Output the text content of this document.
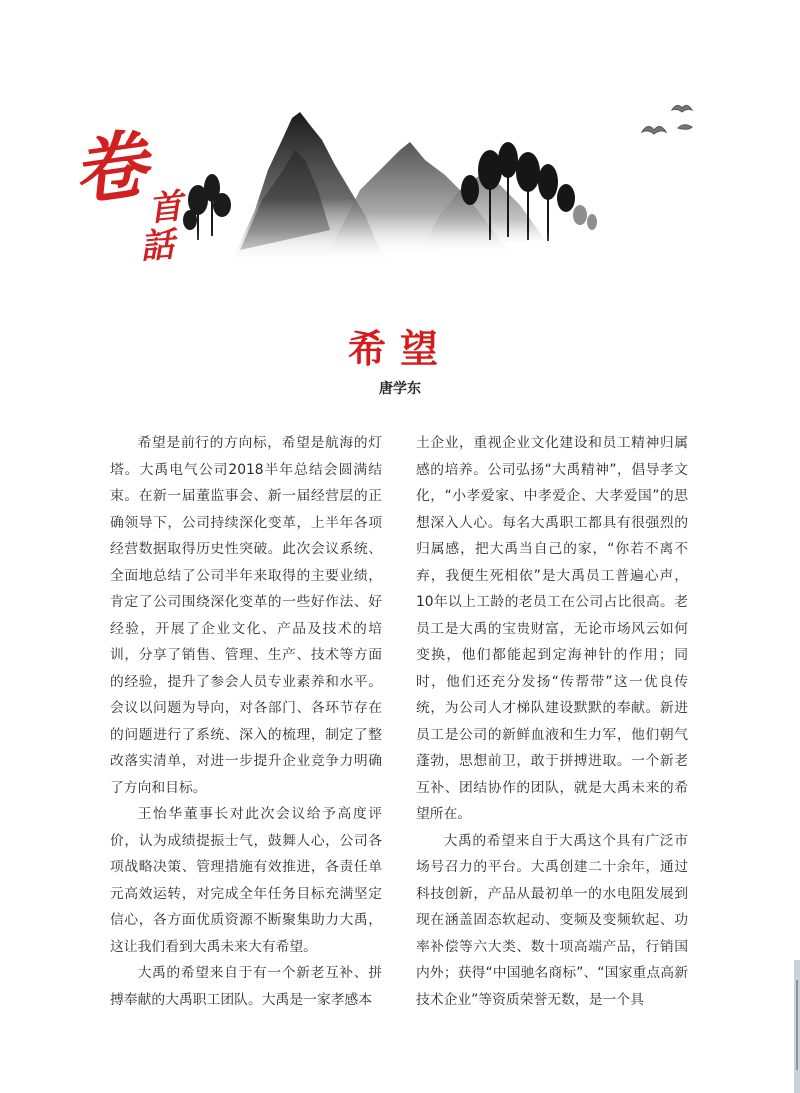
卷
首
話
希望
唐学东

希望是前行的方向标，希望是航海的灯塔。大禹电气公司2018半年总结会圆满结束。在新一届董监事会、新一届经营层的正确领导下，公司持续深化变革，上半年各项经营数据取得历史性突破。此次会议系统、全面地总结了公司半年来取得的主要业绩，肯定了公司围绕深化变革的一些好作法、好经验，开展了企业文化、产品及技术的培训，分享了销售、管理、生产、技术等方面的经验，提升了参会人员专业素养和水平。会议以问题为导向，对各部门、各环节存在的问题进行了系统、深入的梳理，制定了整改落实清单，对进一步提升企业竞争力明确了方向和目标。

王怡华董事长对此次会议给予高度评价，认为成绩提振士气，鼓舞人心，公司各项战略决策、管理措施有效推进，各责任单元高效运转，对完成全年任务目标充满坚定信心，各方面优质资源不断聚集助力大禹，这让我们看到大禹未来大有希望。

大禹的希望来自于有一个新老互补、拼搏奉献的大禹职工团队。大禹是一家孝感本

土企业，重视企业文化建设和员工精神归属感的培养。公司弘扬“大禹精神”，倡导孝文化，“小孝爱家、中孝爱企、大孝爱国”的思想深入人心。每名大禹职工都具有很强烈的归属感，把大禹当自己的家，“你若不离不弃，我便生死相依”是大禹员工普遍心声，10年以上工龄的老员工在公司占比很高。老员工是大禹的宝贵财富，无论市场风云如何变换，他们都能起到定海神针的作用；同时，他们还充分发扬“传帮带”这一优良传统，为公司人才梯队建设默默的奉献。新进员工是公司的新鲜血液和生力军，他们朝气蓬勃，思想前卫，敢于拼搏进取。一个新老互补、团结协作的团队，就是大禹未来的希望所在。

大禹的希望来自于大禹这个具有广泛市场号召力的平台。大禹创建二十余年，通过科技创新，产品从最初单一的水电阻发展到现在涵盖固态软起动、变频及变频软起、功率补偿等六大类、数十项高端产品，行销国内外；获得“中国驰名商标”、“国家重点高新技术企业”等资质荣誉无数，是一个具
